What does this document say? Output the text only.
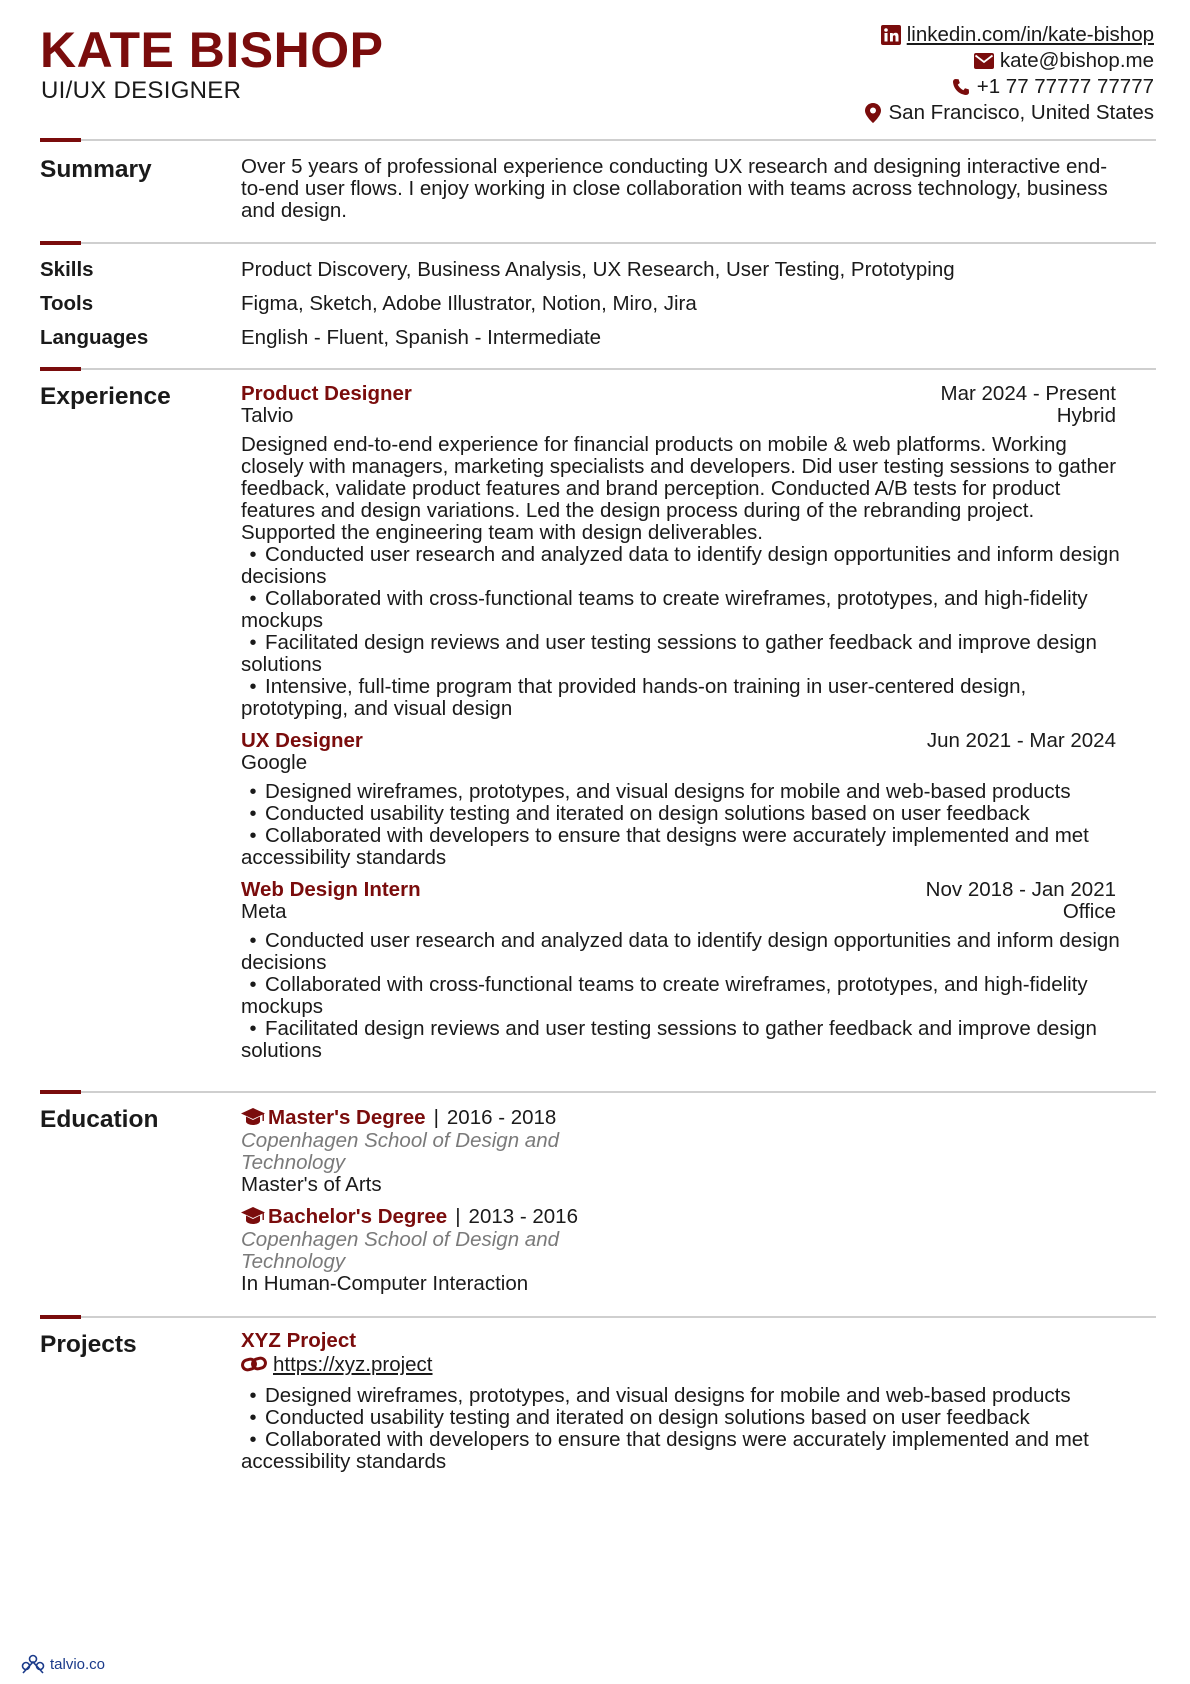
KATE BISHOP
UI/UX DESIGNER
linkedin.com/in/kate-bishop
kate@bishop.me
+1 77 77777 77777
San Francisco, United States
Summary	Over 5 years of professional experience conducting UX research and designing interactive end-to-end user flows. I enjoy working in close collaboration with teams across technology, business and design.

Skills	Product Discovery, Business Analysis, UX Research, User Testing, Prototyping
Tools	Figma, Sketch, Adobe Illustrator, Notion, Miro, Jira
Languages	English - Fluent, Spanish - Intermediate
Experience	Product Designer	Mar 2024 - Present
Talvio	Hybrid

Designed end-to-end experience for financial products on mobile & web platforms. Working closely with managers, marketing specialists and developers. Did user testing sessions to gather feedback, validate product features and brand perception. Conducted A/B tests for product features and design variations. Led the design process during of the rebranding project. Supported the engineering team with design deliverables.

• Conducted user research and analyzed data to identify design opportunities and inform design decisions
• Collaborated with cross-functional teams to create wireframes, prototypes, and high-fidelity mockups
• Facilitated design reviews and user testing sessions to gather feedback and improve design solutions
• Intensive, full-time program that provided hands-on training in user-centered design, prototyping, and visual design
UX Designer	Jun 2021 - Mar 2024
Google
• Designed wireframes, prototypes, and visual designs for mobile and web-based products
• Conducted usability testing and iterated on design solutions based on user feedback
• Collaborated with developers to ensure that designs were accurately implemented and met accessibility standards
Web Design Intern	Nov 2018 - Jan 2021
Meta	Office
• Conducted user research and analyzed data to identify design opportunities and inform design decisions
• Collaborated with cross-functional teams to create wireframes, prototypes, and high-fidelity mockups
• Facilitated design reviews and user testing sessions to gather feedback and improve design solutions
Education	Master's Degree | 2016 - 2018
Copenhagen School of Design and Technology
Master's of Arts
Bachelor's Degree | 2013 - 2016
Copenhagen School of Design and Technology
In Human-Computer Interaction
Projects	XYZ Project
https://xyz.project
• Designed wireframes, prototypes, and visual designs for mobile and web-based products
• Conducted usability testing and iterated on design solutions based on user feedback
• Collaborated with developers to ensure that designs were accurately implemented and met accessibility standards
talvio.co
